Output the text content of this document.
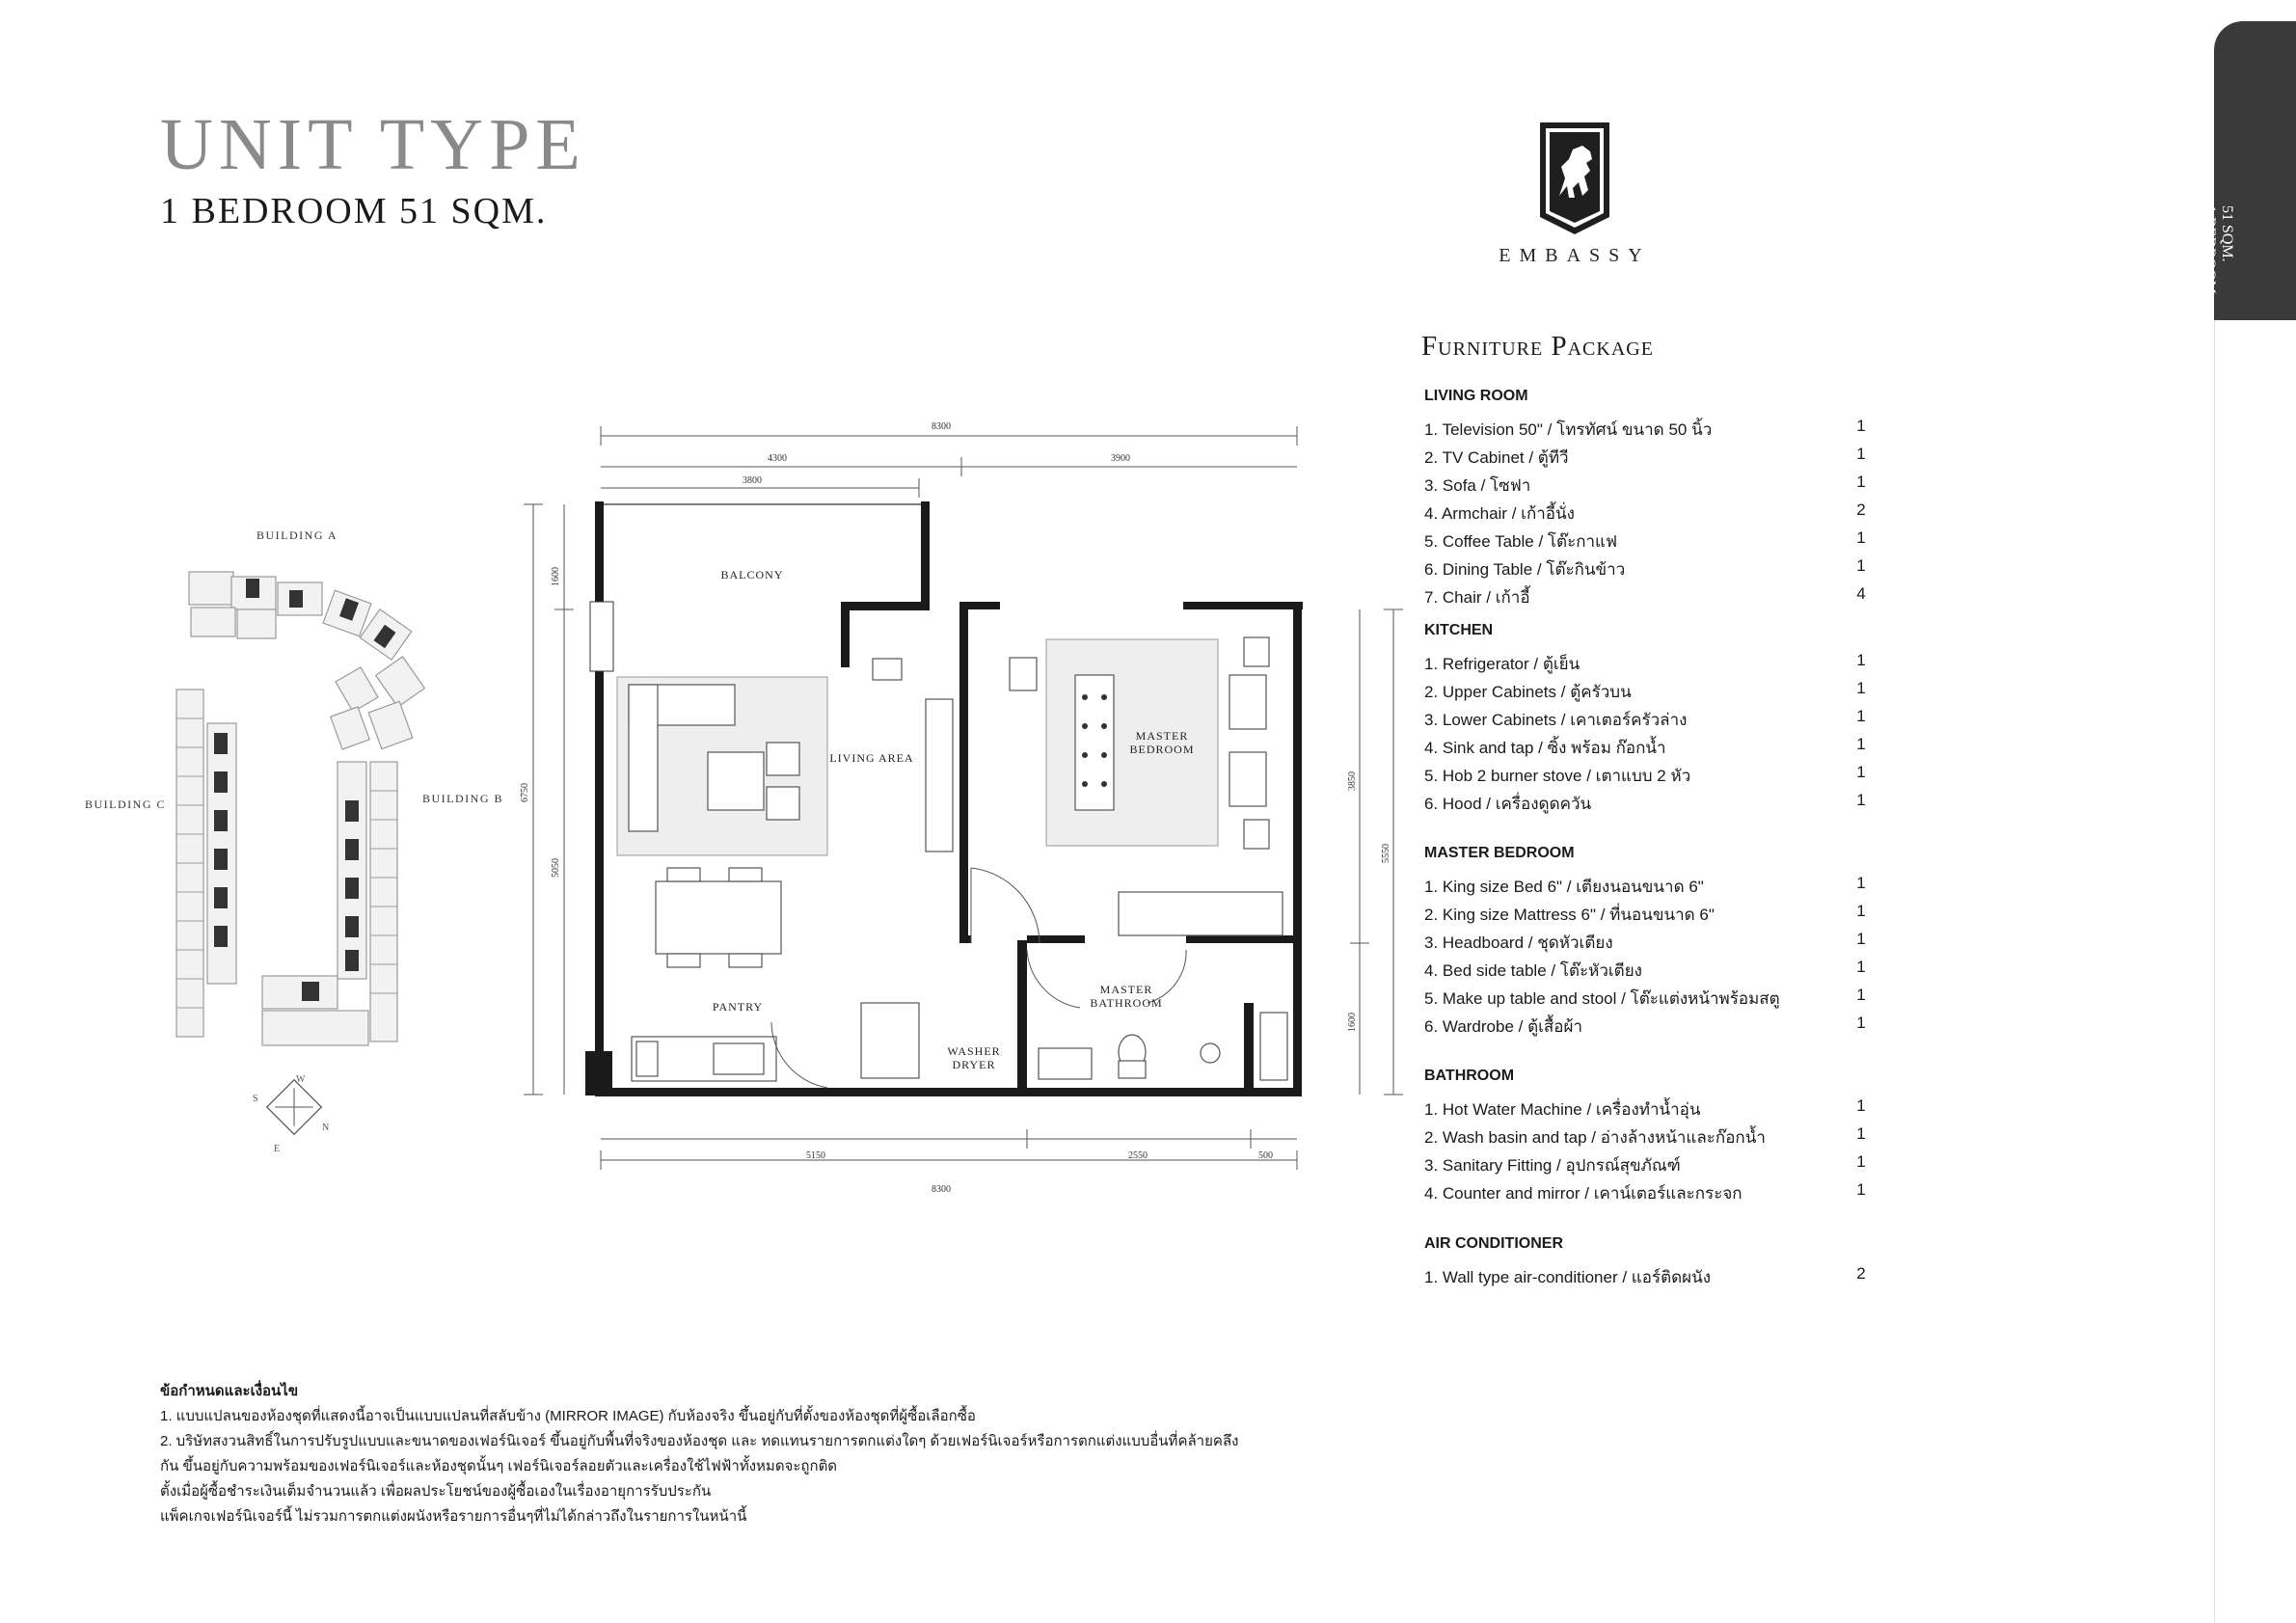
UNIT TYPE
1 BEDROOM 51 SQM.
EMBASSY	51 SQM.
1 BEDROOM
BUILDING A
BUILDING B
BUILDING C
W
S
N
E
8300
4300	3900
3800
6750
1600
5050
5550
3850
1600
5150	2550	500
8300
BALCONY
LIVING AREA
MASTER
BEDROOM
PANTRY
MASTER
BATHROOM
WASHER
DRYER
Furniture Package
LIVING ROOM
1. Television 50" / โทรทัศน์ ขนาด 50 นิ้ว	1
2. TV Cabinet / ตู้ทีวี	1
3. Sofa / โซฟา	1
4. Armchair / เก้าอี้นั่ง	2
5. Coffee Table / โต๊ะกาแฟ	1
6. Dining Table / โต๊ะกินข้าว	1
7. Chair / เก้าอี้	4
KITCHEN
1. Refrigerator / ตู้เย็น	1
2. Upper Cabinets / ตู้ครัวบน	1
3. Lower Cabinets / เคาเตอร์ครัวล่าง	1
4. Sink and tap / ซิ้ง พร้อม ก๊อกน้ำ	1
5. Hob 2 burner stove / เตาแบบ 2 หัว	1
6. Hood / เครื่องดูดควัน	1
MASTER BEDROOM
1. King size Bed 6" / เตียงนอนขนาด 6"	1
2. King size Mattress 6" / ที่นอนขนาด 6"	1
3. Headboard / ชุดหัวเตียง	1
4. Bed side table / โต๊ะหัวเตียง	1
5. Make up table and stool / โต๊ะแต่งหน้าพร้อมสตู	1
6. Wardrobe / ตู้เสื้อผ้า	1
BATHROOM
1. Hot Water Machine / เครื่องทำน้ำอุ่น	1
2. Wash basin and tap / อ่างล้างหน้าและก๊อกน้ำ	1
3. Sanitary Fitting / อุปกรณ์สุขภัณฑ์	1
4. Counter and mirror / เคาน์เตอร์และกระจก	1
AIR CONDITIONER
1. Wall type air-conditioner / แอร์ติดผนัง	2
ข้อกำหนดและเงื่อนไข
1. แบบแปลนของห้องชุดที่แสดงนี้อาจเป็นแบบแปลนที่สลับข้าง (MIRROR IMAGE) กับห้องจริง ขึ้นอยู่กับที่ตั้งของห้องชุดที่ผู้ซื้อเลือกซื้อ
2. บริษัทสงวนสิทธิ์ในการปรับรูปแบบและขนาดของเฟอร์นิเจอร์ ขึ้นอยู่กับพื้นที่จริงของห้องชุด และ ทดแทนรายการตกแต่งใดๆ ด้วยเฟอร์นิเจอร์หรือการตกแต่งแบบอื่นที่คล้ายคลึง
กัน ขึ้นอยู่กับความพร้อมของเฟอร์นิเจอร์และห้องชุดนั้นๆ เฟอร์นิเจอร์ลอยตัวและเครื่องใช้ไฟฟ้าทั้งหมดจะถูกติด
ตั้งเมื่อผู้ซื้อชำระเงินเต็มจำนวนแล้ว เพื่อผลประโยชน์ของผู้ซื้อเองในเรื่องอายุการรับประกัน
แพ็คเกจเฟอร์นิเจอร์นี้ ไม่รวมการตกแต่งผนังหรือรายการอื่นๆที่ไม่ได้กล่าวถึงในรายการในหน้านี้
